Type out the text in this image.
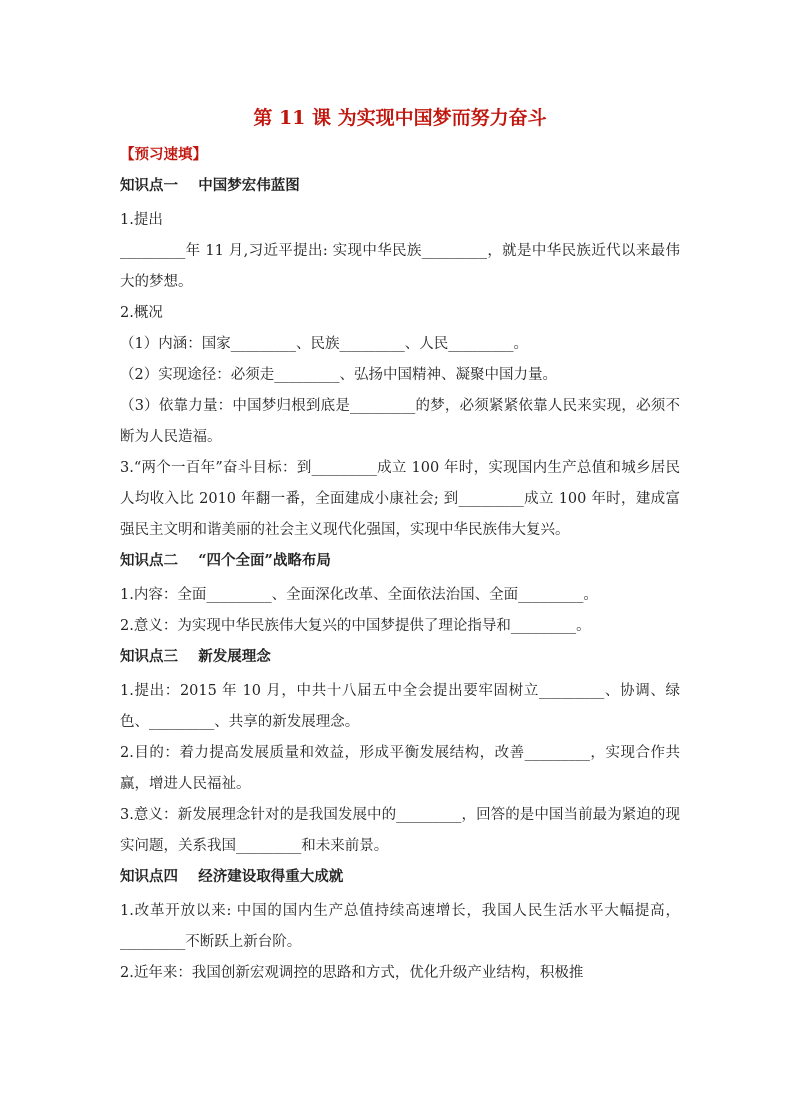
第 11 课 为实现中国梦而努力奋斗
【预习速填】
知识点一    中国梦宏伟蓝图
1.提出
_________年 11 月,习近平提出: 实现中华民族_________，就是中华民族近代以来最伟大的梦想。
2.概况
（1）内涵：国家_________、民族_________、人民_________。
（2）实现途径：必须走_________、弘扬中国精神、凝聚中国力量。
（3）依靠力量：中国梦归根到底是_________的梦，必须紧紧依靠人民来实现，必须不断为人民造福。
3.“两个一百年”奋斗目标：到_________成立 100 年时，实现国内生产总值和城乡居民人均收入比 2010 年翻一番，全面建成小康社会; 到_________成立 100 年时，建成富强民主文明和谐美丽的社会主义现代化强国，实现中华民族伟大复兴。
知识点二    “四个全面”战略布局
1.内容：全面_________、全面深化改革、全面依法治国、全面_________。
2.意义：为实现中华民族伟大复兴的中国梦提供了理论指导和_________。
知识点三    新发展理念
1.提出：2015 年 10 月，中共十八届五中全会提出要牢固树立_________、协调、绿色、_________、共享的新发展理念。
2.目的：着力提高发展质量和效益，形成平衡发展结构，改善_________，实现合作共赢，增进人民福祉。
3.意义：新发展理念针对的是我国发展中的_________，回答的是中国当前最为紧迫的现实问题，关系我国_________和未来前景。
知识点四    经济建设取得重大成就
1.改革开放以来: 中国的国内生产总值持续高速增长，我国人民生活水平大幅提高，_________不断跃上新台阶。
2.近年来：我国创新宏观调控的思路和方式，优化升级产业结构，积极推
